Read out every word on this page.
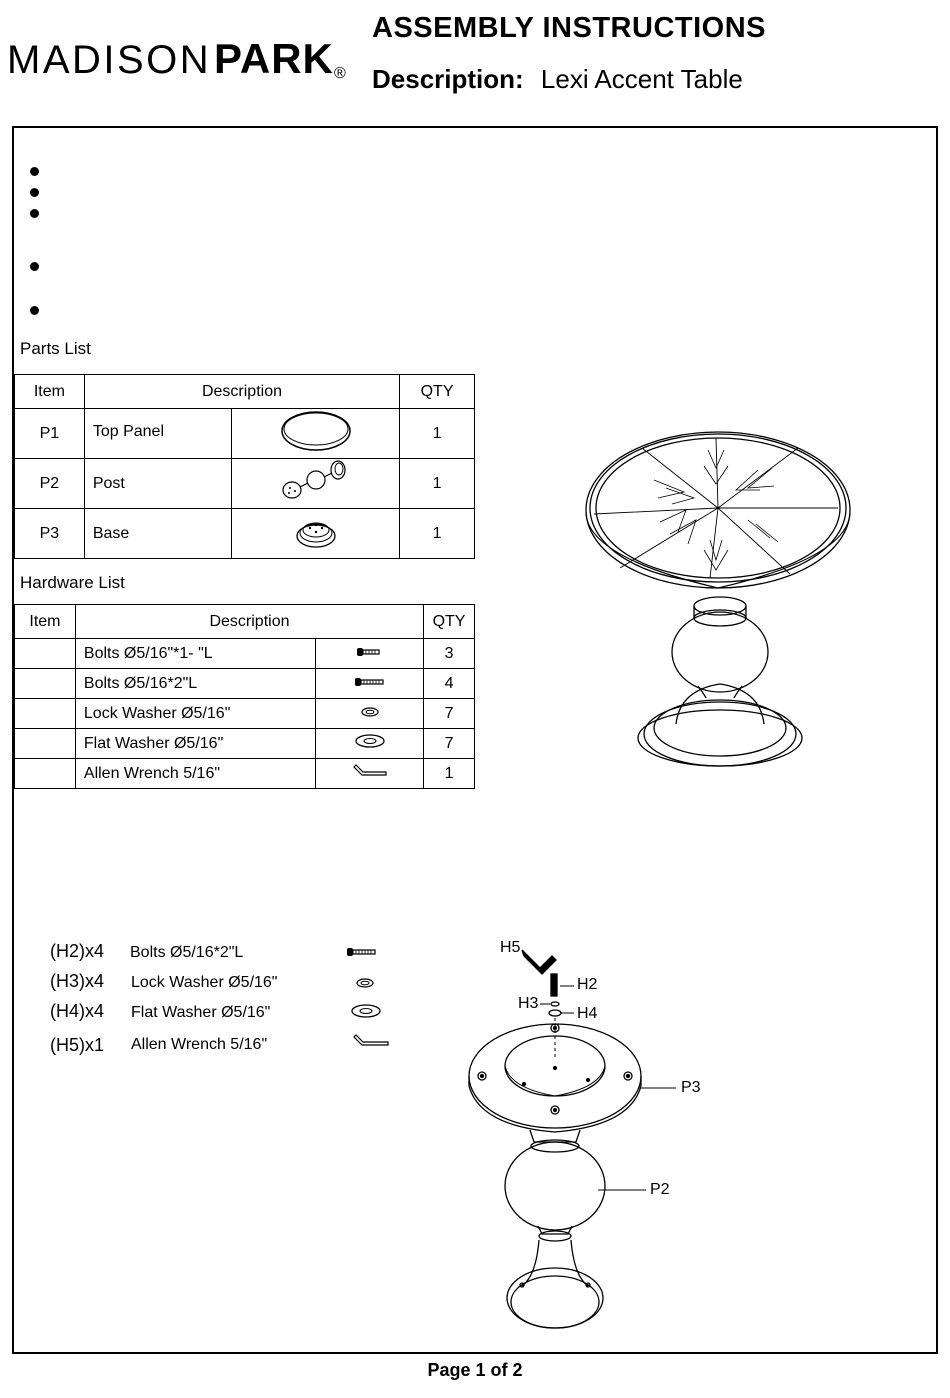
MADISON PARK ®
ASSEMBLY INSTRUCTIONS
Description: Lexi Accent Table
Parts List
Item	Description		QTY
P1	Top Panel		1
P2	Post		1
P3	Base		1
Hardware List
Item	Description		QTY
	Bolts Ø5/16"*1- "L		3
	Bolts Ø5/16*2"L		4
	Lock Washer Ø5/16"		7
	Flat Washer Ø5/16"		7
	Allen Wrench 5/16"		1
(H2)x4 Bolts Ø5/16*2"L
(H3)x4 Lock Washer Ø5/16"
(H4)x4 Flat Washer Ø5/16"
(H5)x1 Allen Wrench 5/16"
H5
H2
H3
H4
P3
P2
Page 1 of 2
